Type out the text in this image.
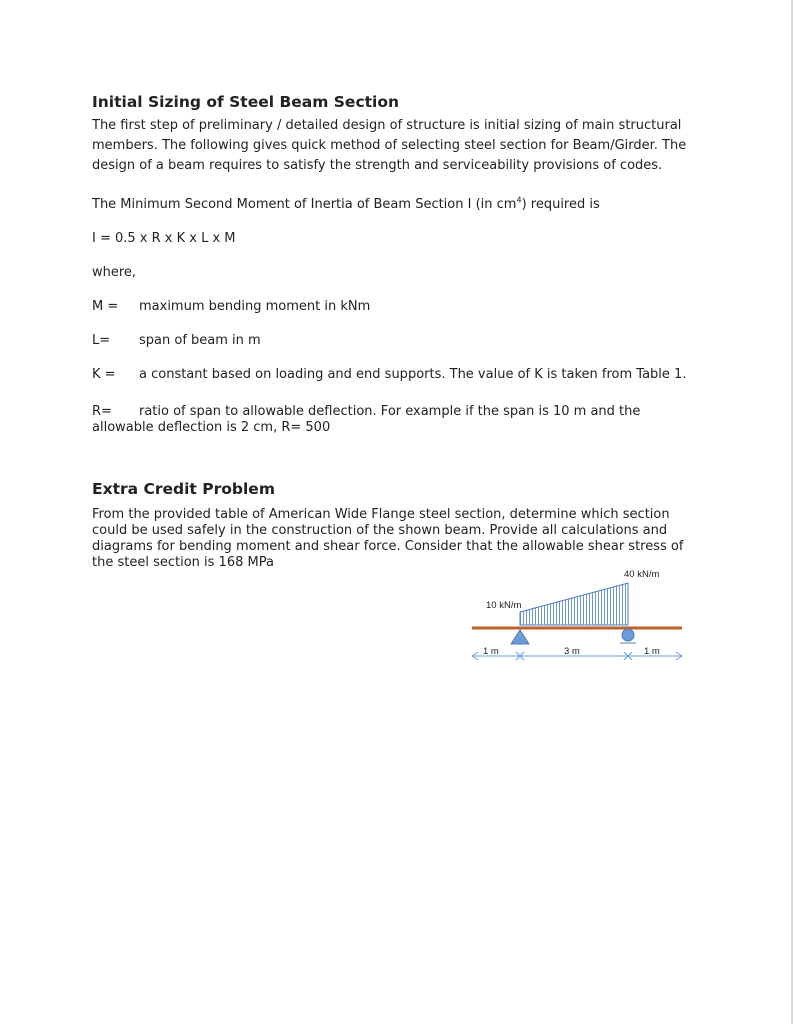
Initial Sizing of Steel Beam Section

The first step of preliminary / detailed design of structure is initial sizing of main structural members. The following gives quick method of selecting steel section for Beam/Girder. The design of a beam requires to satisfy the strength and serviceability provisions of codes.

The Minimum Second Moment of Inertia of Beam Section I (in $cm^4$) required is

I = 0.5 x R x K x L x M

where,

M =	maximum bending moment in kNm
L=	span of beam in m
K =	a constant based on loading and end supports. The value of K is taken from Table 1.
R=	ratio of span to allowable deflection. For example if the span is 10 m and the
allowable deflection is 2 cm, R= 500
Extra Credit Problem

From the provided table of American Wide Flange steel section, determine which section could be used safely in the construction of the shown beam. Provide all calculations and diagrams for bending moment and shear force. Consider that the allowable shear stress of the steel section is 168 MPa

40 kN/m
10 kN/m
1 m	3 m	1 m
